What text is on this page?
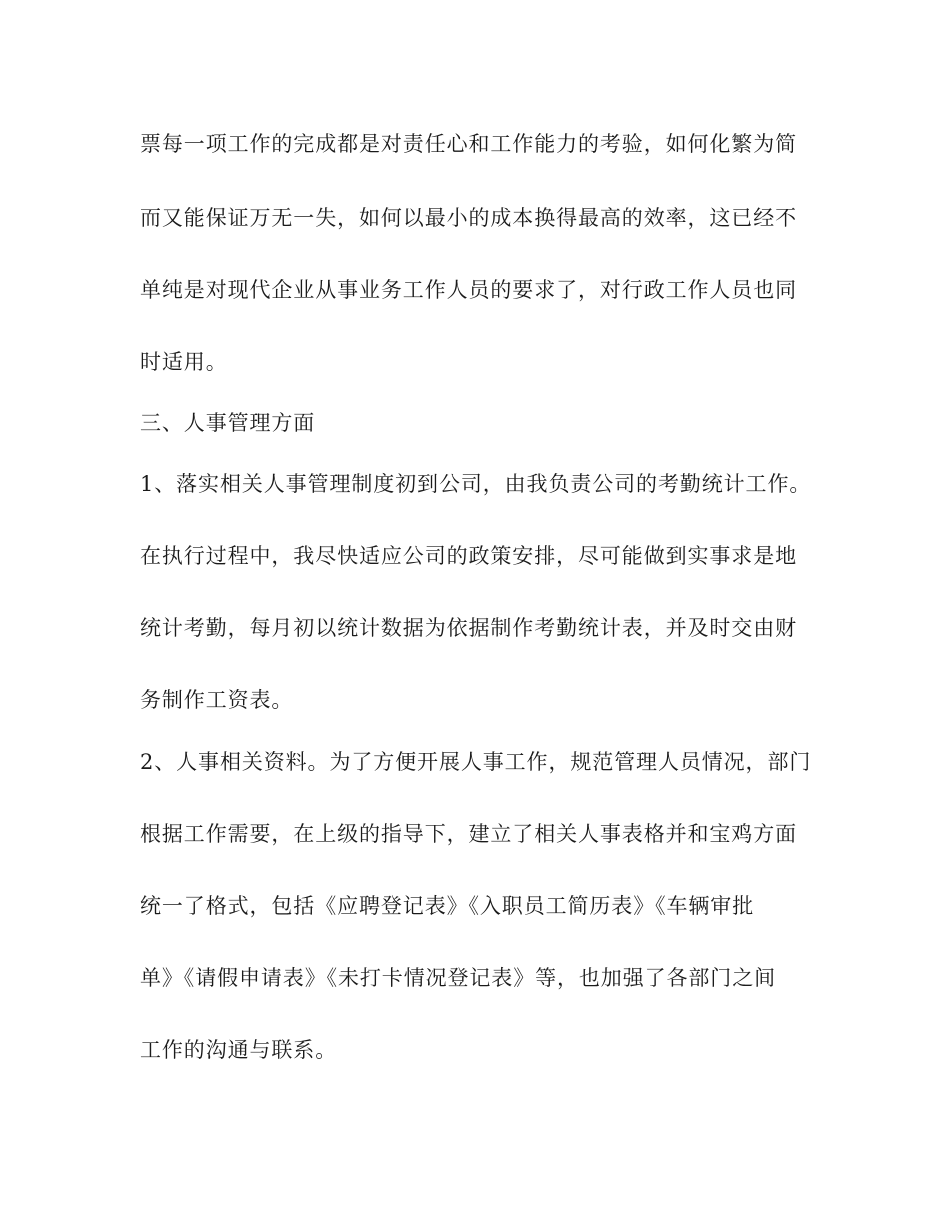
票每一项工作的完成都是对责任心和工作能力的考验，如何化繁为简
而又能保证万无一失，如何以最小的成本换得最高的效率，这已经不
单纯是对现代企业从事业务工作人员的要求了，对行政工作人员也同
时适用。
三、人事管理方面
1、落实相关人事管理制度初到公司，由我负责公司的考勤统计工作。
在执行过程中，我尽快适应公司的政策安排，尽可能做到实事求是地
统计考勤，每月初以统计数据为依据制作考勤统计表，并及时交由财
务制作工资表。
2、人事相关资料。为了方便开展人事工作，规范管理人员情况，部门
根据工作需要，在上级的指导下，建立了相关人事表格并和宝鸡方面
统一了格式，包括《应聘登记表》《入职员工简历表》《车辆审批
单》《请假申请表》《未打卡情况登记表》等，也加强了各部门之间
工作的沟通与联系。
